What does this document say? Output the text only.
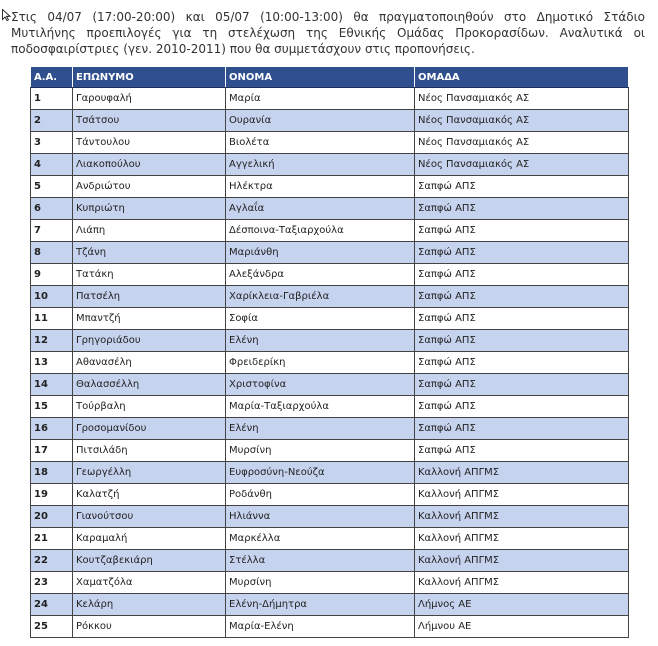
Στις 04/07 (17:00-20:00) και 05/07 (10:00-13:00) θα πραγματοποιηθούν στο Δημοτικό Στάδιο Μυτιλήνης προεπιλογές για τη στελέχωση της Εθνικής Ομάδας Προκορασίδων. Αναλυτικά οι ποδοσφαιρίστριες (γεν. 2010-2011) που θα συμμετάσχουν στις προπονήσεις.

Α.Α.	ΕΠΩΝΥΜΟ	ΟΝΟΜΑ	ΟΜΑΔΑ
1	Γαρουφαλή	Μαρία	Νέος Πανσαμιακός ΑΣ
2	Τσάτσου	Ουρανία	Νέος Πανσαμιακός ΑΣ
3	Τάντουλου	Βιολέτα	Νέος Πανσαμιακός ΑΣ
4	Λιακοπούλου	Αγγελική	Νέος Πανσαμιακός ΑΣ
5	Ανδριώτου	Ηλέκτρα	Σαπφώ ΑΠΣ
6	Κυπριώτη	Αγλαΐα	Σαπφώ ΑΠΣ
7	Λιάπη	Δέσποινα-Ταξιαρχούλα	Σαπφώ ΑΠΣ
8	Τζάνη	Μαριάνθη	Σαπφώ ΑΠΣ
9	Τατάκη	Αλεξάνδρα	Σαπφώ ΑΠΣ
10	Πατσέλη	Χαρίκλεια-Γαβριέλα	Σαπφώ ΑΠΣ
11	Μπαντζή	Σοφία	Σαπφώ ΑΠΣ
12	Γρηγοριάδου	Ελένη	Σαπφώ ΑΠΣ
13	Αθανασέλη	Φρειδερίκη	Σαπφώ ΑΠΣ
14	Θαλασσέλλη	Χριστοφίνα	Σαπφώ ΑΠΣ
15	Τούρβαλη	Μαρία-Ταξιαρχούλα	Σαπφώ ΑΠΣ
16	Γροσομανίδου	Ελένη	Σαπφώ ΑΠΣ
17	Πιτσιλάδη	Μυρσίνη	Σαπφώ ΑΠΣ
18	Γεωργέλλη	Ευφροσύνη-Νεούζα	Καλλονή ΑΠΓΜΣ
19	Καλατζή	Ροδάνθη	Καλλονή ΑΠΓΜΣ
20	Γιανούτσου	Ηλιάννα	Καλλονή ΑΠΓΜΣ
21	Καραμαλή	Μαρκέλλα	Καλλονή ΑΠΓΜΣ
22	Κουτζαβεκιάρη	Στέλλα	Καλλονή ΑΠΓΜΣ
23	Χαματζόλα	Μυρσίνη	Καλλονή ΑΠΓΜΣ
24	Κελάρη	Ελένη-Δήμητρα	Λήμνος ΑΕ
25	Ρόκκου	Μαρία-Ελένη	Λήμνου ΑΕ
